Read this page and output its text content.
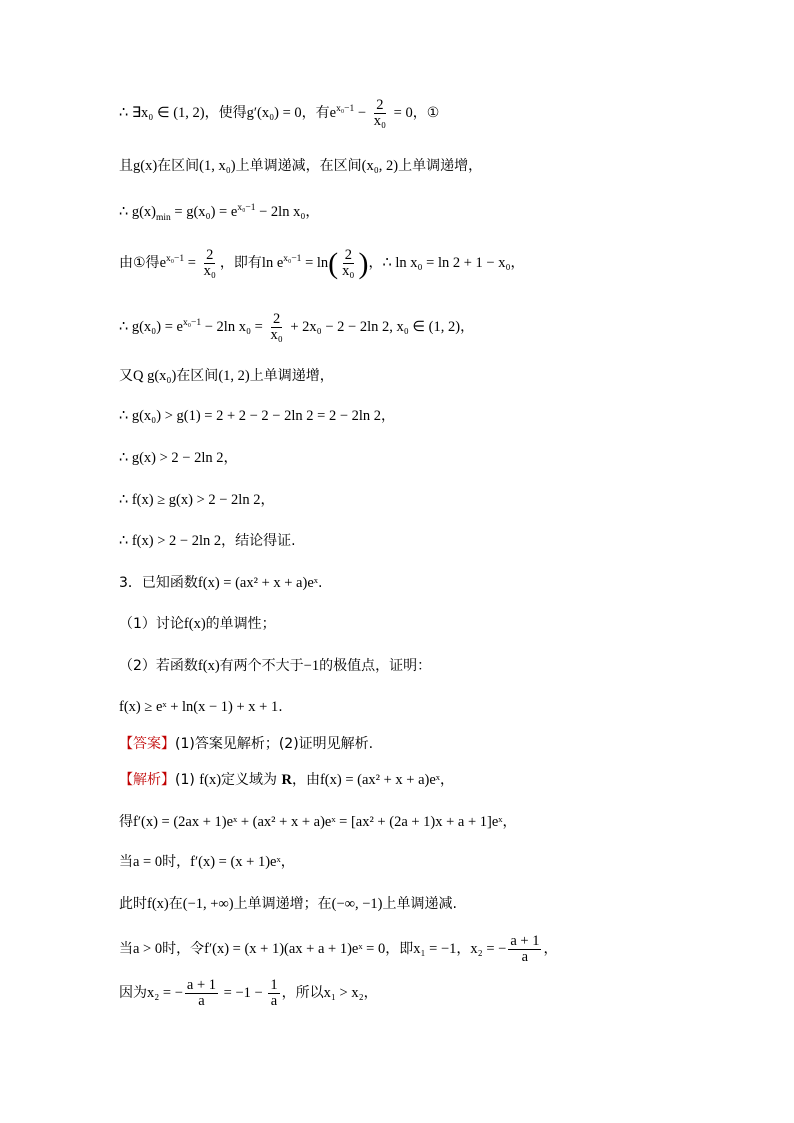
∴ ∃x₀ ∈ (1, 2)，使得g′(x₀) = 0，有$e^{x_0-1} - \frac{2}{\text{x₀}} = 0$，①
且g(x)在区间(1, x₀)上单调递减，在区间(x₀, 2)上单调递增，
∴ $g(x)_{min} = g(x_0) = e^{x_0-1} - 2\ln$ x₀，
由①得$e^{x_0-1} = \frac{2}{\text{x₀}}$ ，即有$\ln e^{x_0-1} = \ln$ ( $\frac{2}{\text{x₀}}$ ) ，∴ ln x₀ = ln 2 + 1 − x₀，
∴ $g(x_0) = e^{x_0-1} - 2\ln$ $x_0 = \frac{2}{\text{x₀}} + 2x_0 - 2 - 2\ln$ 2, x₀ ∈ (1, 2)，
又Q g(x₀)在区间(1, 2)上单调递增，
∴ g(x₀) > g(1) = 2 + 2 − 2 − 2ln 2 = 2 − 2ln 2，
∴ g(x) > 2 − 2ln 2，
∴ f(x) ≥ g(x) > 2 − 2ln 2，
∴ f(x) > 2 − 2ln 2，结论得证.
3．已知函数f(x) = (ax² + x + a)eˣ.
（1）讨论f(x)的单调性；
（2）若函数f(x)有两个不大于−1的极值点，证明：
f(x) ≥ eˣ + ln(x − 1) + x + 1.
【答案】(1)答案见解析；(2)证明见解析.
【解析】(1) f(x)定义域为 R，由f(x) = (ax² + x + a)eˣ，
得f′(x) = (2ax + 1)eˣ + (ax² + x + a)eˣ = [ax² + (2a + 1)x + a + 1]eˣ，
当a = 0时，f′(x) = (x + 1)eˣ，
此时f(x)在(−1, +∞)上单调递增；在(−∞, −1)上单调递减.
当a > 0时，令f′(x) = (x + 1)(ax + a + 1)eˣ = 0，即x₁ = −1，x₂ = − $\frac{a + 1}{a}$ ，
因为x₂ = − $\frac{a + 1}{a} = -1 - \frac{1}{a}$ ，所以x₁ > x₂，
